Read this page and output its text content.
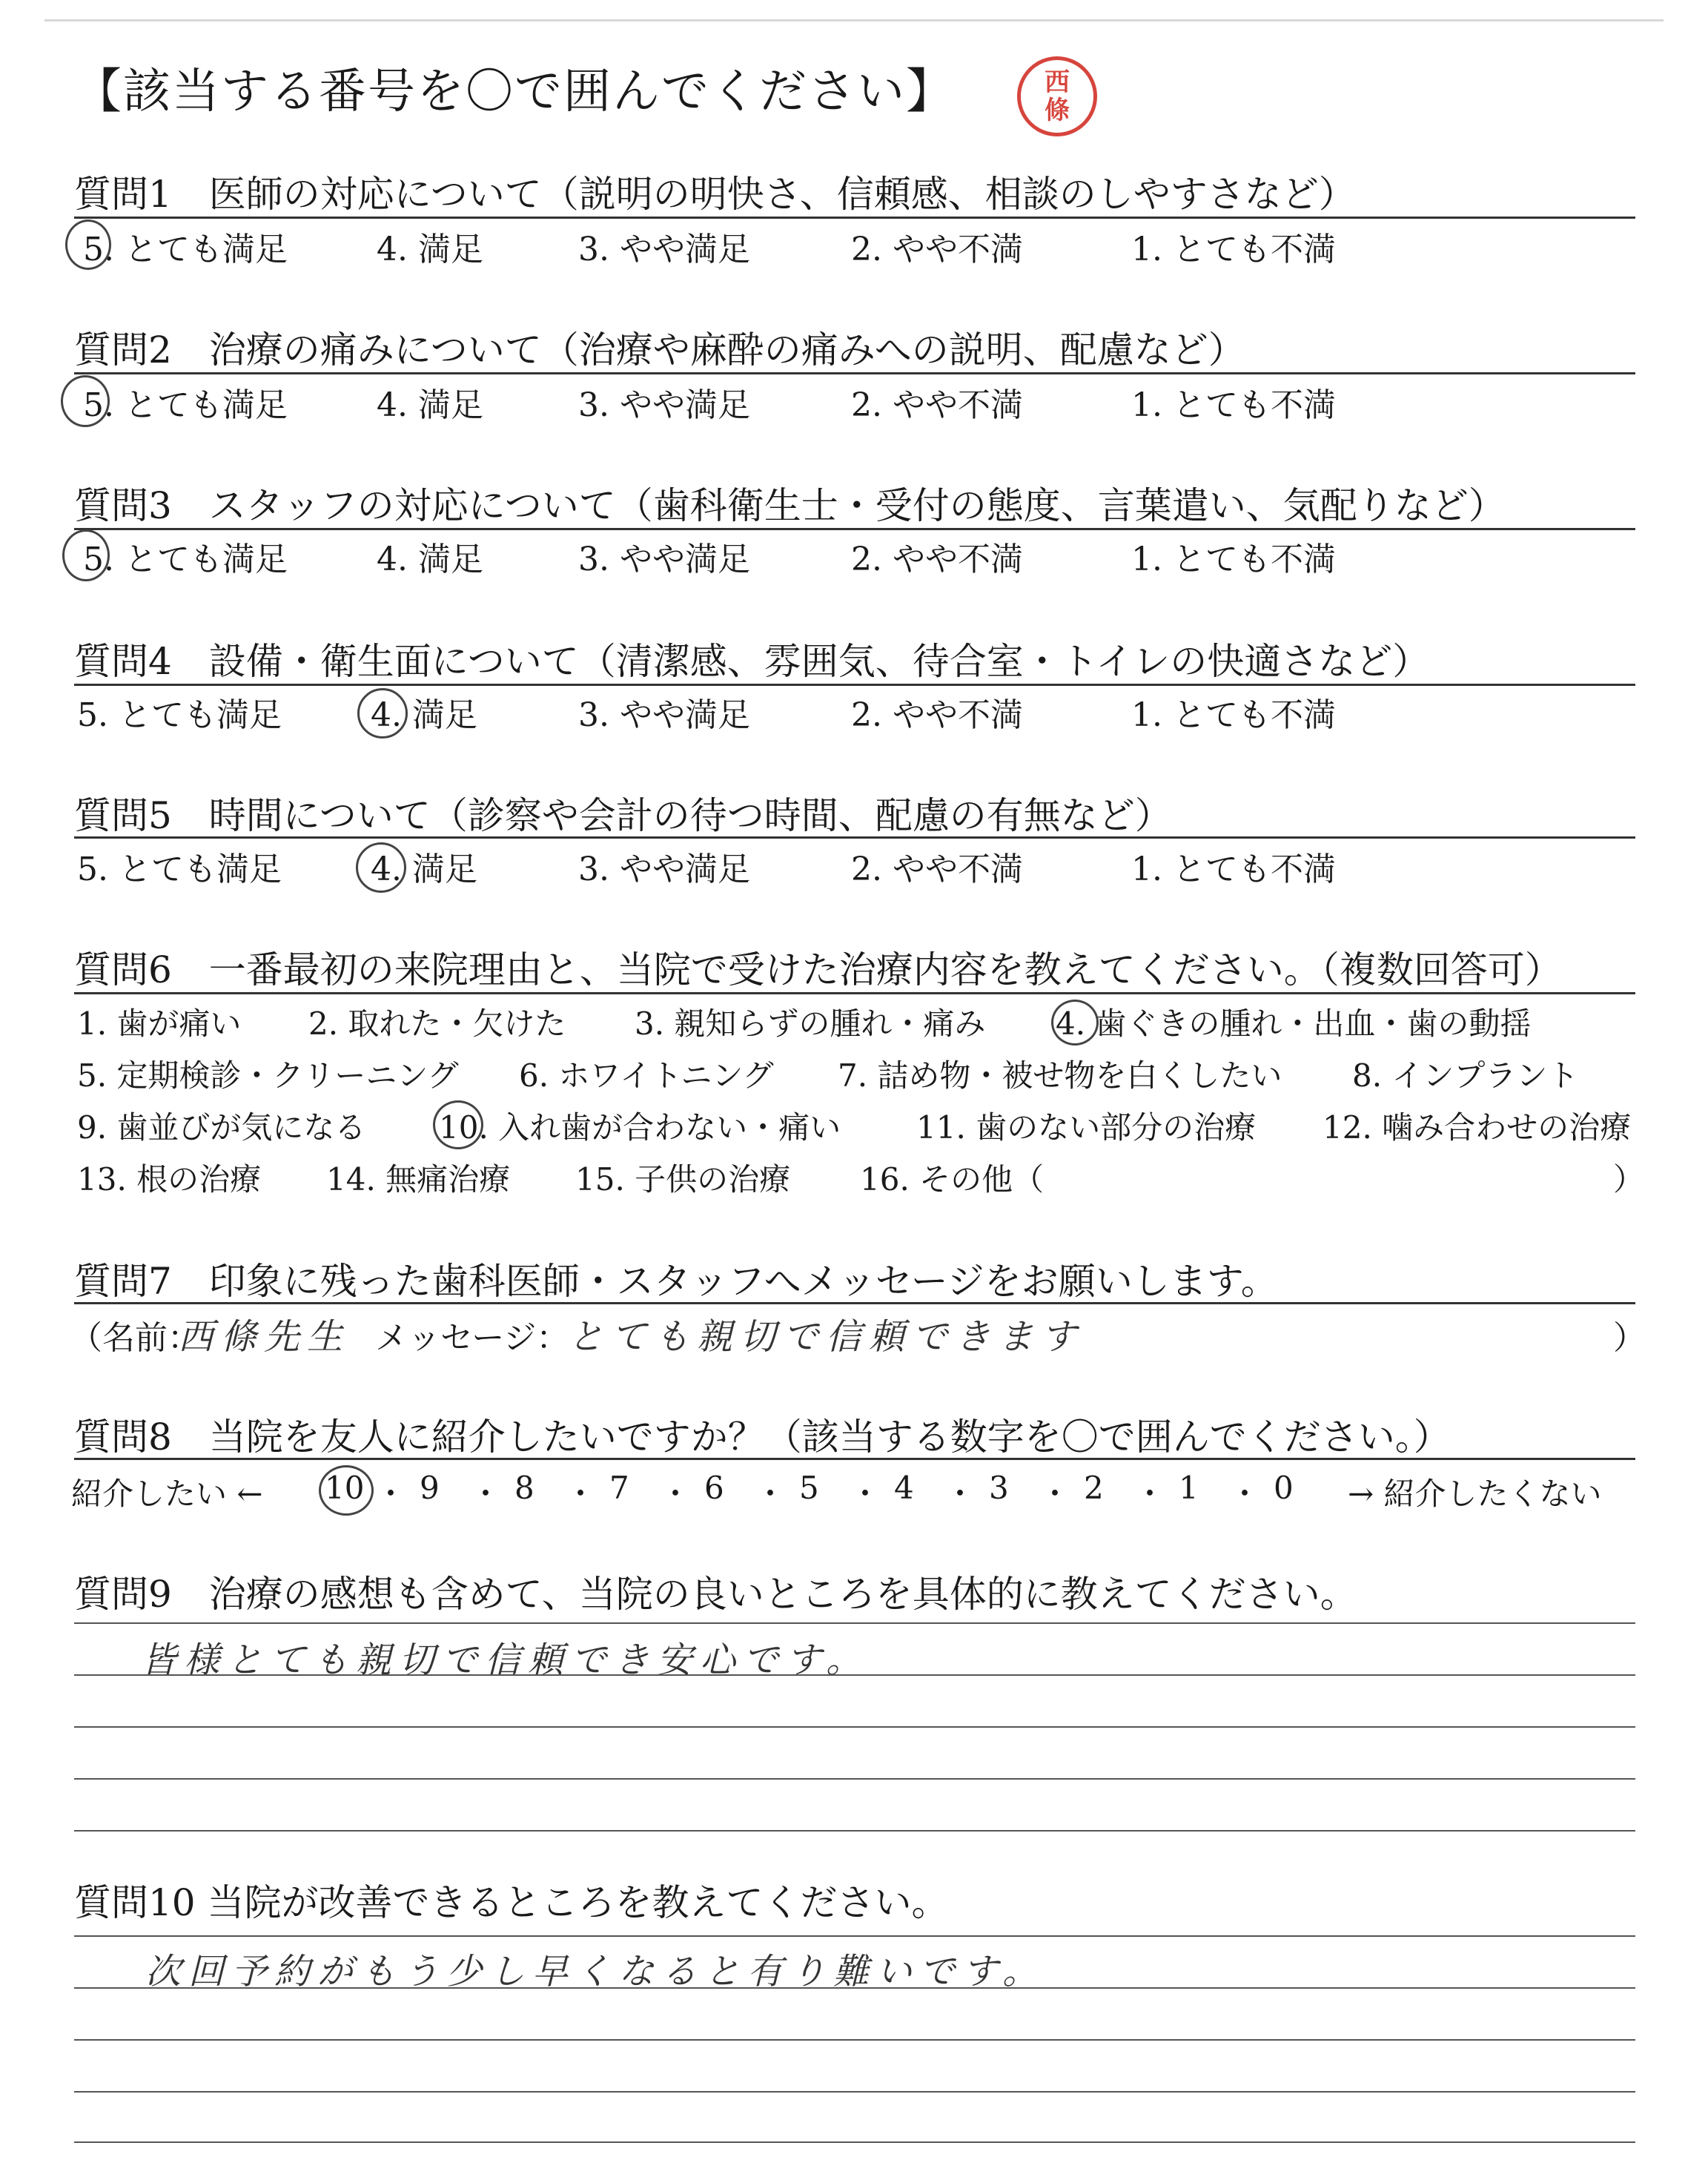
【該当する番号を〇で囲んでください】	西
條
質問1　医師の対応について（説明の明快さ、信頼感、相談のしやすさなど）
5. とても満足	4. 満足	3. やや満足	2. やや不満	1. とても不満
質問2　治療の痛みについて（治療や麻酔の痛みへの説明、配慮など）
5. とても満足	4. 満足	3. やや満足	2. やや不満	1. とても不満
質問3　スタッフの対応について（歯科衛生士・受付の態度、言葉遣い、気配りなど）
5. とても満足	4. 満足	3. やや満足	2. やや不満	1. とても不満
質問4　設備・衛生面について（清潔感、雰囲気、待合室・トイレの快適さなど）
5. とても満足	4. 満足	3. やや満足	2. やや不満	1. とても不満
質問5　時間について（診察や会計の待つ時間、配慮の有無など）
5. とても満足	4. 満足	3. やや満足	2. やや不満	1. とても不満
質問6　一番最初の来院理由と、当院で受けた治療内容を教えてください。（複数回答可）
1. 歯が痛い 2. 取れた・欠けた 3. 親知らずの腫れ・痛み 4. 歯ぐきの腫れ・出血・歯の動揺
5. 定期検診・クリーニング 6. ホワイトニング 7. 詰め物・被せ物を白くしたい 8. インプラント
9. 歯並びが気になる 10. 入れ歯が合わない・痛い 11. 歯のない部分の治療 12. 噛み合わせの治療
13. 根の治療 14. 無痛治療 15. 子供の治療 16. その他（	）
質問7　印象に残った歯科医師・スタッフへメッセージをお願いします。
（名前：
西條先生 メッセージ：
とても親切で信頼できます	）
質問8　当院を友人に紹介したいですか？（該当する数字を〇で囲んでください。）
紹介したい ← 10 ・ 9 ・ 8 ・ 7 ・ 6 ・ 5 ・ 4 ・ 3 ・ 2 ・ 1 ・ 0 → 紹介したくない
質問9　治療の感想も含めて、当院の良いところを具体的に教えてください。
皆様とても親切で信頼でき安心です。
質問10 当院が改善できるところを教えてください。
次回予約がもう少し早くなると有り難いです。
